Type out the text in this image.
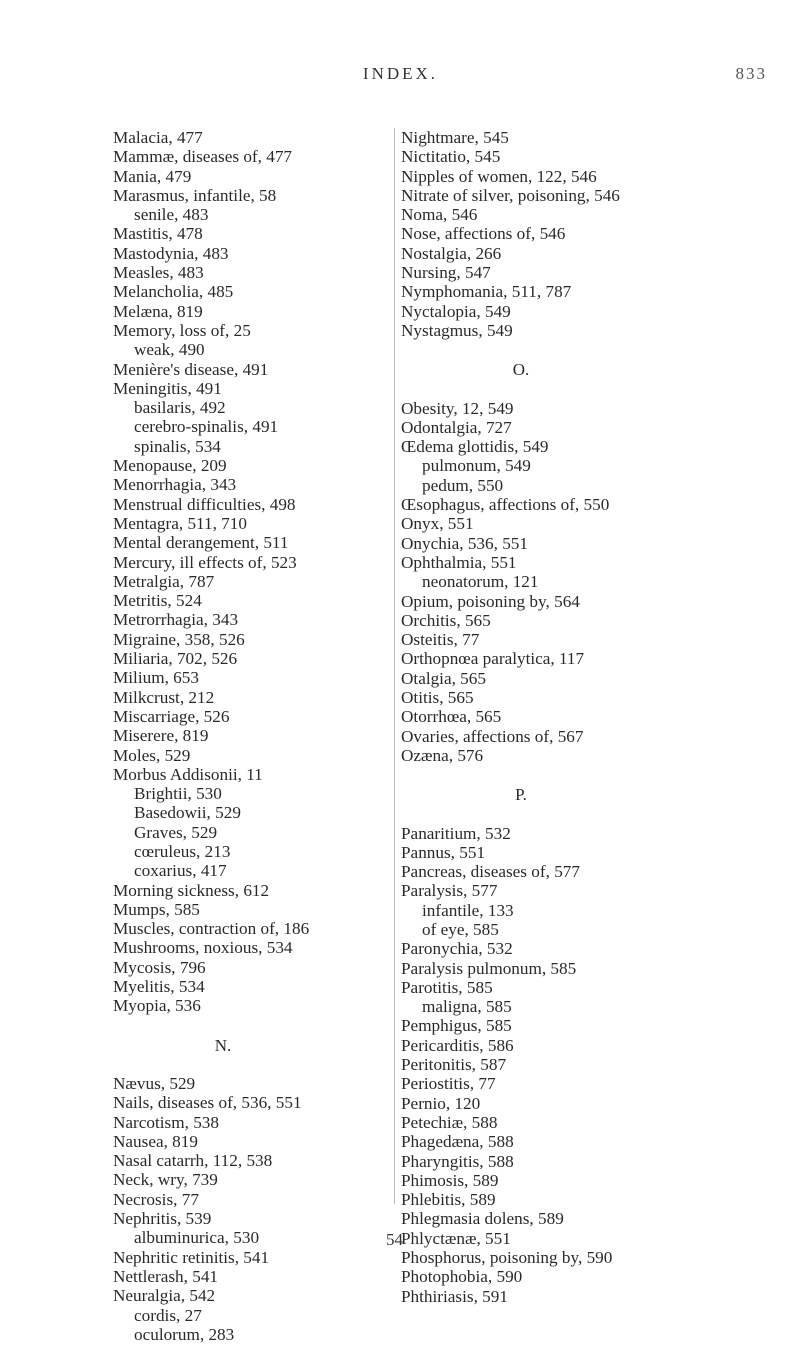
INDEX.	833
Malacia, 477
Mammæ, diseases of, 477
Mania, 479
Marasmus, infantile, 58
senile, 483
Mastitis, 478
Mastodynia, 483
Measles, 483
Melancholia, 485
Melæna, 819
Memory, loss of, 25
weak, 490
Menière's disease, 491
Meningitis, 491
basilaris, 492
cerebro-spinalis, 491
spinalis, 534
Menopause, 209
Menorrhagia, 343
Menstrual difficulties, 498
Mentagra, 511, 710
Mental derangement, 511
Mercury, ill effects of, 523
Metralgia, 787
Metritis, 524
Metrorrhagia, 343
Migraine, 358, 526
Miliaria, 702, 526
Milium, 653
Milkcrust, 212
Miscarriage, 526
Miserere, 819
Moles, 529
Morbus Addisonii, 11
Brightii, 530
Basedowii, 529
Graves, 529
cœruleus, 213
coxarius, 417
Morning sickness, 612
Mumps, 585
Muscles, contraction of, 186
Mushrooms, noxious, 534
Mycosis, 796
Myelitis, 534
Myopia, 536
N.
Nævus, 529
Nails, diseases of, 536, 551
Narcotism, 538
Nausea, 819
Nasal catarrh, 112, 538
Neck, wry, 739
Necrosis, 77
Nephritis, 539
albuminurica, 530
Nephritic retinitis, 541
Nettlerash, 541
Neuralgia, 542
cordis, 27
oculorum, 283
Nightmare, 545
Nictitatio, 545
Nipples of women, 122, 546
Nitrate of silver, poisoning, 546
Noma, 546
Nose, affections of, 546
Nostalgia, 266
Nursing, 547
Nymphomania, 511, 787
Nyctalopia, 549
Nystagmus, 549
O.
Obesity, 12, 549
Odontalgia, 727
Œdema glottidis, 549
pulmonum, 549
pedum, 550
Œsophagus, affections of, 550
Onyx, 551
Onychia, 536, 551
Ophthalmia, 551
neonatorum, 121
Opium, poisoning by, 564
Orchitis, 565
Osteitis, 77
Orthopnœa paralytica, 117
Otalgia, 565
Otitis, 565
Otorrhœa, 565
Ovaries, affections of, 567
Ozæna, 576
P.
Panaritium, 532
Pannus, 551
Pancreas, diseases of, 577
Paralysis, 577
infantile, 133
of eye, 585
Paronychia, 532
Paralysis pulmonum, 585
Parotitis, 585
maligna, 585
Pemphigus, 585
Pericarditis, 586
Peritonitis, 587
Periostitis, 77
Pernio, 120
Petechiæ, 588
Phagedæna, 588
Pharyngitis, 588
Phimosis, 589
Phlebitis, 589
Phlegmasia dolens, 589
Phlyctænæ, 551
Phosphorus, poisoning by, 590
Photophobia, 590
Phthiriasis, 591
54
